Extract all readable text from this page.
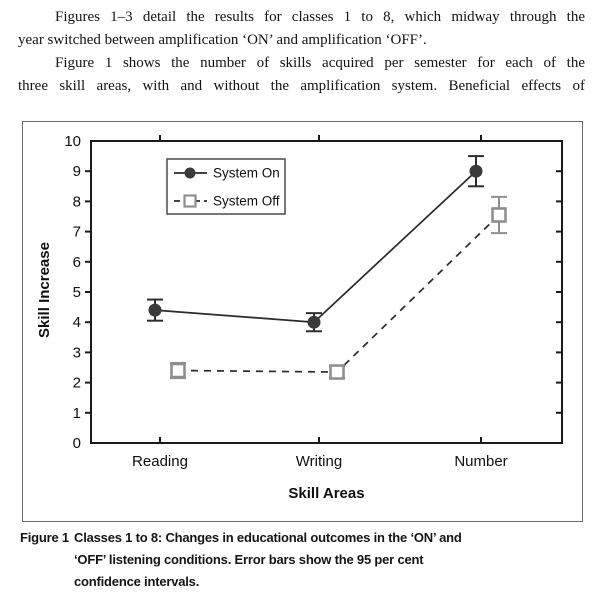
Figures 1–3 detail the results for classes 1 to 8, which midway through the
year switched between amplification ‘ON’ and amplification ‘OFF’.
Figure 1 shows the number of skills acquired per semester for each of the
three skill areas, with and without the amplification system. Beneficial effects of
0
1
2
3
4
5
6
7
8
9
10
Reading	Writing	Number
Skill Areas
Skill Increase
System On
System Off
Figure 1 Classes 1 to 8: Changes in educational outcomes in the ‘ON’ and
‘OFF’ listening conditions. Error bars show the 95 per cent
confidence intervals.
